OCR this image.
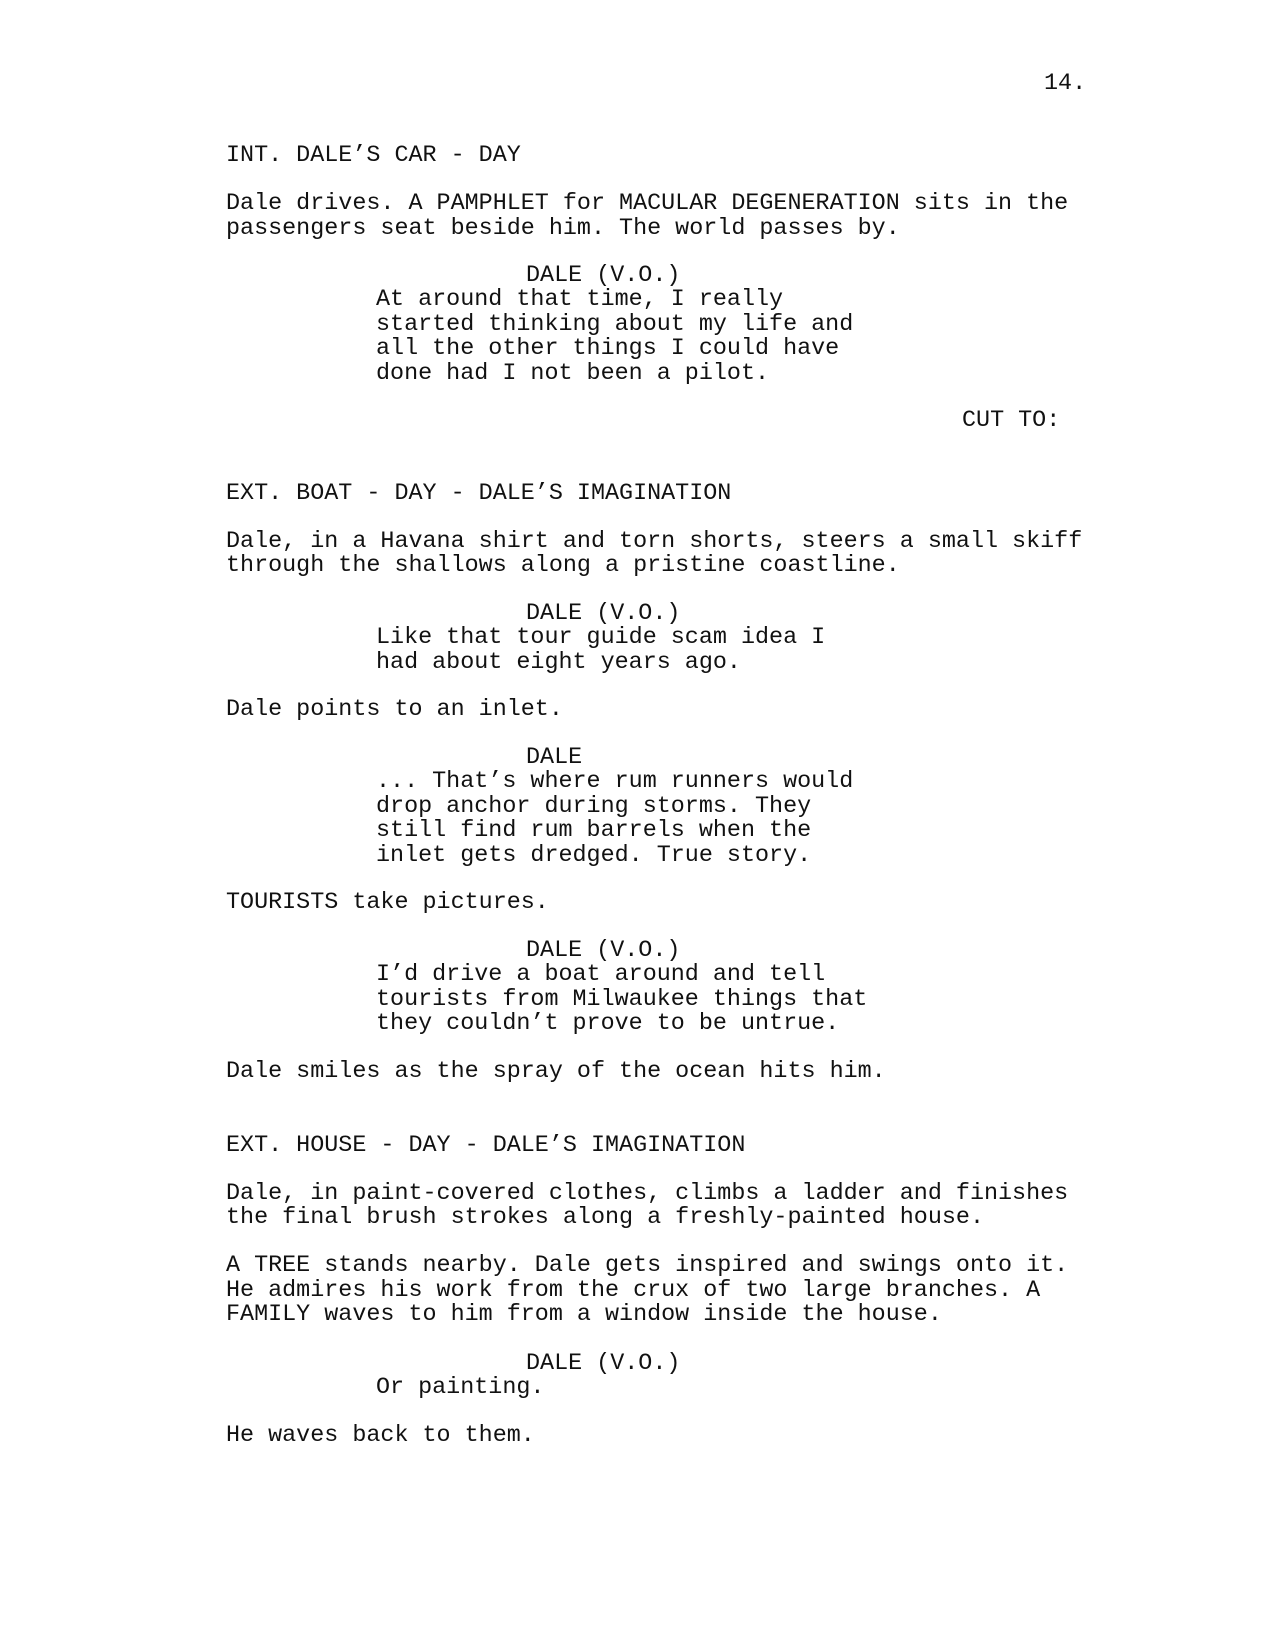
14.
INT. DALE’S CAR - DAY
Dale drives. A PAMPHLET for MACULAR DEGENERATION sits in the
passengers seat beside him. The world passes by.
DALE (V.O.)
At around that time, I really
started thinking about my life and
all the other things I could have
done had I not been a pilot.
CUT TO:
EXT. BOAT - DAY - DALE’S IMAGINATION
Dale, in a Havana shirt and torn shorts, steers a small skiff
through the shallows along a pristine coastline.
DALE (V.O.)
Like that tour guide scam idea I
had about eight years ago.
Dale points to an inlet.
DALE
... That’s where rum runners would
drop anchor during storms. They
still find rum barrels when the
inlet gets dredged. True story.
TOURISTS take pictures.
DALE (V.O.)
I’d drive a boat around and tell
tourists from Milwaukee things that
they couldn’t prove to be untrue.
Dale smiles as the spray of the ocean hits him.
EXT. HOUSE - DAY - DALE’S IMAGINATION
Dale, in paint-covered clothes, climbs a ladder and finishes
the final brush strokes along a freshly-painted house.
A TREE stands nearby. Dale gets inspired and swings onto it.
He admires his work from the crux of two large branches. A
FAMILY waves to him from a window inside the house.
DALE (V.O.)
Or painting.
He waves back to them.
